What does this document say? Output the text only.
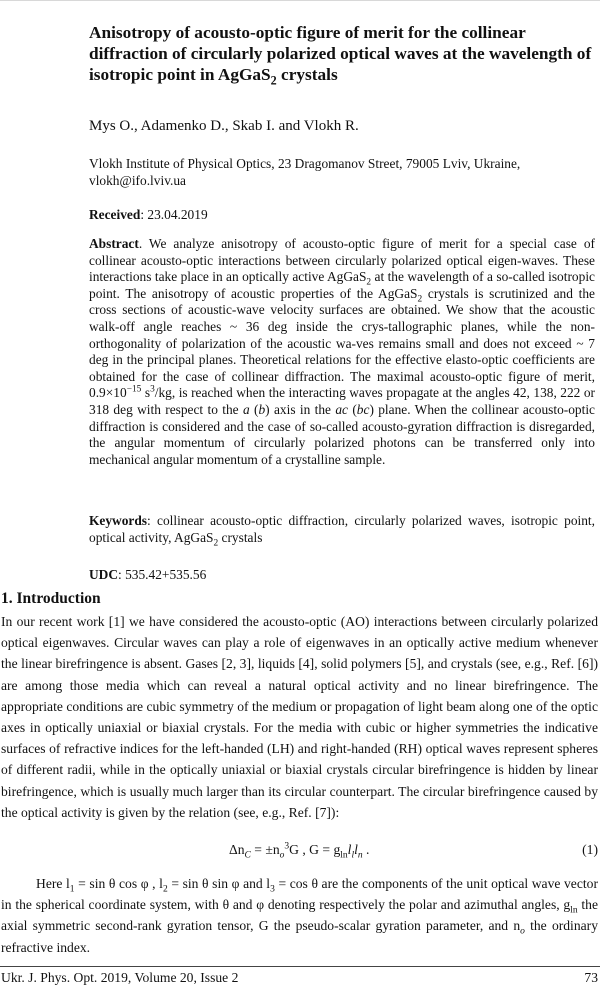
Anisotropy of acousto-optic figure of merit for the collinear diffraction of circularly polarized optical waves at the wavelength of isotropic point in AgGaS$_2$ crystals
Mys O., Adamenko D., Skab I. and Vlokh R.
Vlokh Institute of Physical Optics, 23 Dragomanov Street, 79005 Lviv, Ukraine,
vlokh@ifo.lviv.ua
Received: 23.04.2019
Abstract. We analyze anisotropy of acousto-optic figure of merit for a special case of collinear acousto-optic interactions between circularly polarized optical eigen-waves. These interactions take place in an optically active AgGaS$_2$ at the wavelength of a so-called isotropic point. The anisotropy of acoustic properties of the AgGaS$_2$ crystals is scrutinized and the cross sections of acoustic-wave velocity surfaces are obtained. We show that the acoustic walk-off angle reaches ~ 36 deg inside the crys-tallographic planes, while the non-orthogonality of polarization of the acoustic wa-ves remains small and does not exceed ~ 7 deg in the principal planes. Theoretical relations for the effective elasto-optic coefficients are obtained for the case of collinear diffraction. The maximal acousto-optic figure of merit, $0.9\times 10^{-15}$ $s^3/kg$, is reached when the interacting waves propagate at the angles 42, 138, 222 or 318 deg with respect to the a (b) axis in the ac (bc) plane. When the collinear acousto-optic diffraction is considered and the case of so-called acousto-gyration diffraction is disregarded, the angular momentum of circularly polarized photons can be transferred only into mechanical angular momentum of a crystalline sample.
Keywords: collinear acousto-optic diffraction, circularly polarized waves, isotropic point, optical activity, AgGaS$_2$ crystals
UDC: 535.42+535.56
1. Introduction
In our recent work [1] we have considered the acousto-optic (AO) interactions between circularly polarized optical eigenwaves. Circular waves can play a role of eigenwaves in an optically active medium whenever the linear birefringence is absent. Gases [2, 3], liquids [4], solid polymers [5], and crystals (see, e.g., Ref. [6]) are among those media which can reveal a natural optical activity and no linear birefringence. The appropriate conditions are cubic symmetry of the medium or propagation of light beam along one of the optic axes in optically uniaxial or biaxial crystals. For the media with cubic or higher symmetries the indicative surfaces of refractive indices for the left-handed (LH) and right-handed (RH) optical waves represent spheres of different radii, while in the optically uniaxial or biaxial crystals circular birefringence is hidden by linear birefringence, which is usually much larger than its circular counterpart. The circular birefringence caused by the optical activity is given by the relation (see, e.g., Ref. [7]):
$\Delta n_C = \pm n_o^3G$ , $G = g_{ln}l_ll_n$ .	(1)
Here $l_1 = \sin \theta$ cos φ , $l_2 = \sin \theta$ sin φ and $l_3 = \cos \theta$ are the components of the unit optical wave vector in the spherical coordinate system, with θ and φ denoting respectively the polar and azimuthal angles, $g_{ln}$ the axial symmetric second-rank gyration tensor, G the pseudo-scalar gyration parameter, and $n_o$ the ordinary refractive index.
Ukr. J. Phys. Opt. 2019, Volume 20, Issue 2	73
